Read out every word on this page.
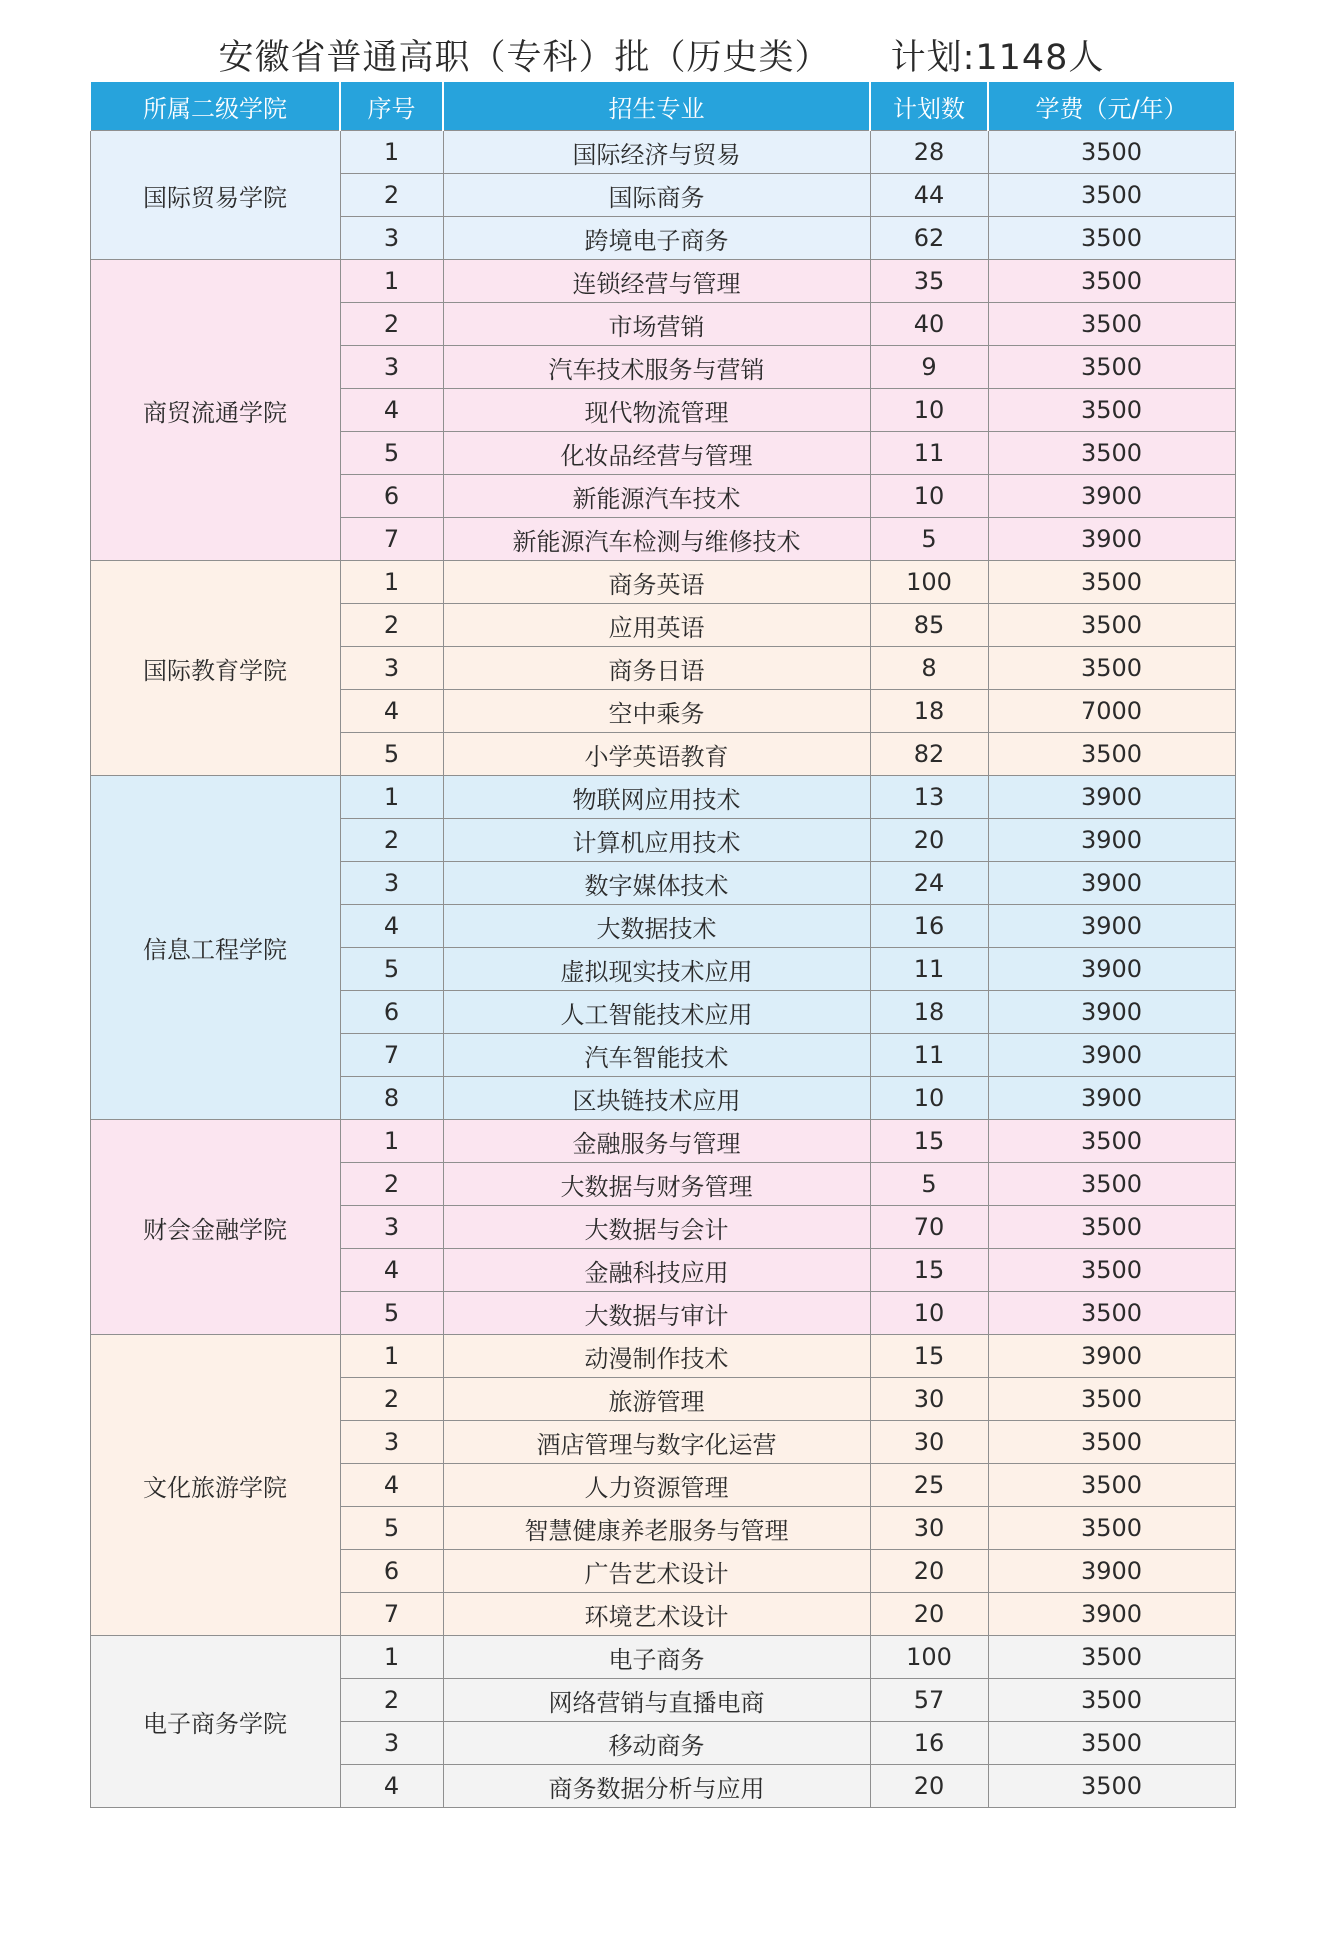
安徽省普通高职（专科）批（历史类） 计划:1148人
所属二级学院	序号	招生专业	计划数	学费（元/年）
国际贸易学院	1	国际经济与贸易	28	3500
	2	国际商务	44	3500
	3	跨境电子商务	62	3500
商贸流通学院	1	连锁经营与管理	35	3500
	2	市场营销	40	3500
	3	汽车技术服务与营销	9	3500
	4	现代物流管理	10	3500
	5	化妆品经营与管理	11	3500
	6	新能源汽车技术	10	3900
	7	新能源汽车检测与维修技术	5	3900
国际教育学院	1	商务英语	100	3500
	2	应用英语	85	3500
	3	商务日语	8	3500
	4	空中乘务	18	7000
	5	小学英语教育	82	3500
信息工程学院	1	物联网应用技术	13	3900
	2	计算机应用技术	20	3900
	3	数字媒体技术	24	3900
	4	大数据技术	16	3900
	5	虚拟现实技术应用	11	3900
	6	人工智能技术应用	18	3900
	7	汽车智能技术	11	3900
	8	区块链技术应用	10	3900
财会金融学院	1	金融服务与管理	15	3500
	2	大数据与财务管理	5	3500
	3	大数据与会计	70	3500
	4	金融科技应用	15	3500
	5	大数据与审计	10	3500
文化旅游学院	1	动漫制作技术	15	3900
	2	旅游管理	30	3500
	3	酒店管理与数字化运营	30	3500
	4	人力资源管理	25	3500
	5	智慧健康养老服务与管理	30	3500
	6	广告艺术设计	20	3900
	7	环境艺术设计	20	3900
电子商务学院	1	电子商务	100	3500
	2	网络营销与直播电商	57	3500
	3	移动商务	16	3500
	4	商务数据分析与应用	20	3500
